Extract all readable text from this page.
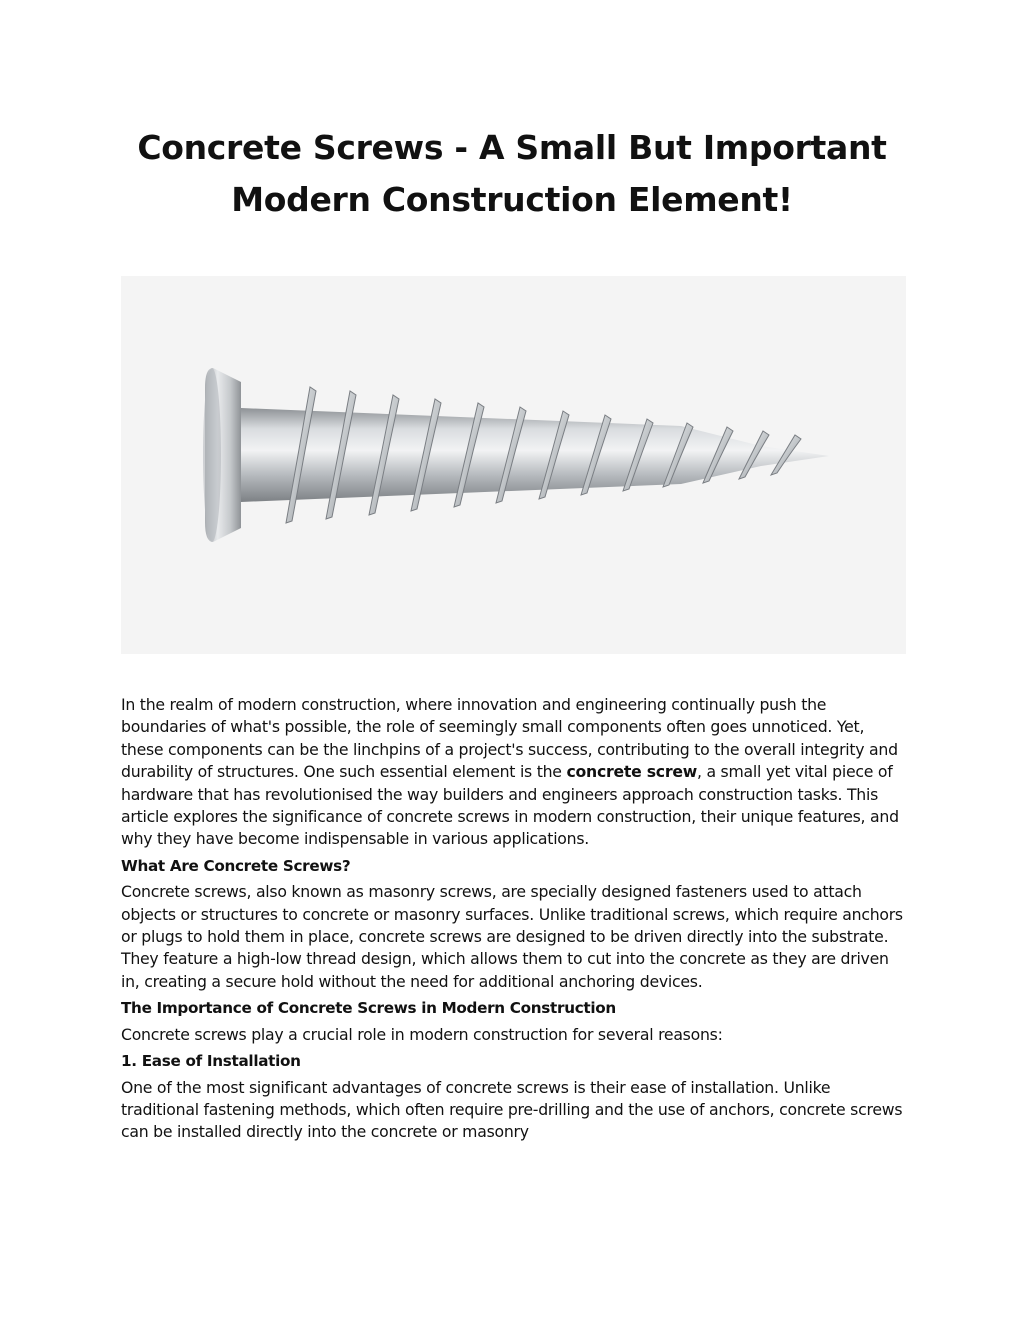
Concrete Screws - A Small But Important
Modern Construction Element!

In the realm of modern construction, where innovation and engineering continually push the boundaries of what's possible, the role of seemingly small components often goes unnoticed. Yet, these components can be the linchpins of a project's success, contributing to the overall integrity and durability of structures. One such essential element is the concrete screw, a small yet vital piece of hardware that has revolutionised the way builders and engineers approach construction tasks. This article explores the significance of concrete screws in modern construction, their unique features, and why they have become indispensable in various applications.

What Are Concrete Screws?

Concrete screws, also known as masonry screws, are specially designed fasteners used to attach objects or structures to concrete or masonry surfaces. Unlike traditional screws, which require anchors or plugs to hold them in place, concrete screws are designed to be driven directly into the substrate. They feature a high-low thread design, which allows them to cut into the concrete as they are driven in, creating a secure hold without the need for additional anchoring devices.

The Importance of Concrete Screws in Modern Construction

Concrete screws play a crucial role in modern construction for several reasons:

1. Ease of Installation

One of the most significant advantages of concrete screws is their ease of installation. Unlike traditional fastening methods, which often require pre-drilling and the use of anchors, concrete screws can be installed directly into the concrete or masonry
